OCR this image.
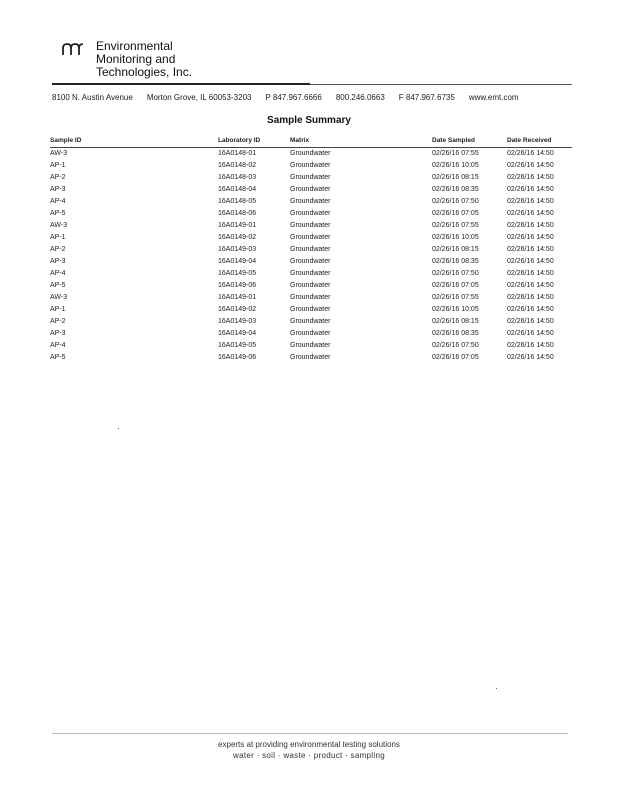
Environmental
Monitoring and
Technologies, Inc.
8100 N. Austin Avenue Morton Grove, IL 60053-3203 P 847.967.6666 800.246.0663 F 847.967.6735 www.emt.com
Sample Summary
Sample ID	Laboratory ID	Matrix	Date Sampled	Date Received
AW-3	16A0148-01	Groundwater	02/26/16 07:55	02/26/16 14:50
AP-1	16A0148-02	Groundwater	02/26/16 10:05	02/26/16 14:50
AP-2	16A0148-03	Groundwater	02/26/16 08:15	02/26/16 14:50
AP-3	16A0148-04	Groundwater	02/26/16 08:35	02/26/16 14:50
AP-4	16A0148-05	Groundwater	02/26/16 07:50	02/26/16 14:50
AP-5	16A0148-06	Groundwater	02/26/16 07:05	02/26/16 14:50
AW-3	16A0149-01	Groundwater	02/26/16 07:55	02/26/16 14:50
AP-1	16A0149-02	Groundwater	02/26/16 10:05	02/26/16 14:50
AP-2	16A0149-03	Groundwater	02/26/16 08:15	02/26/16 14:50
AP-3	16A0149-04	Groundwater	02/26/16 08:35	02/26/16 14:50
AP-4	16A0149-05	Groundwater	02/26/16 07:50	02/26/16 14:50
AP-5	16A0149-06	Groundwater	02/26/16 07:05	02/26/16 14:50
AW-3	16A0149-01	Groundwater	02/26/16 07:55	02/26/16 14:50
AP-1	16A0149-02	Groundwater	02/26/16 10:05	02/26/16 14:50
AP-2	16A0149-03	Groundwater	02/26/16 08:15	02/26/16 14:50
AP-3	16A0149-04	Groundwater	02/26/16 08:35	02/26/16 14:50
AP-4	16A0149-05	Groundwater	02/26/16 07:50	02/26/16 14:50
AP-5	16A0149-06	Groundwater	02/26/16 07:05	02/26/16 14:50
experts at providing environmental testing solutions
water · soil · waste · product · sampling
